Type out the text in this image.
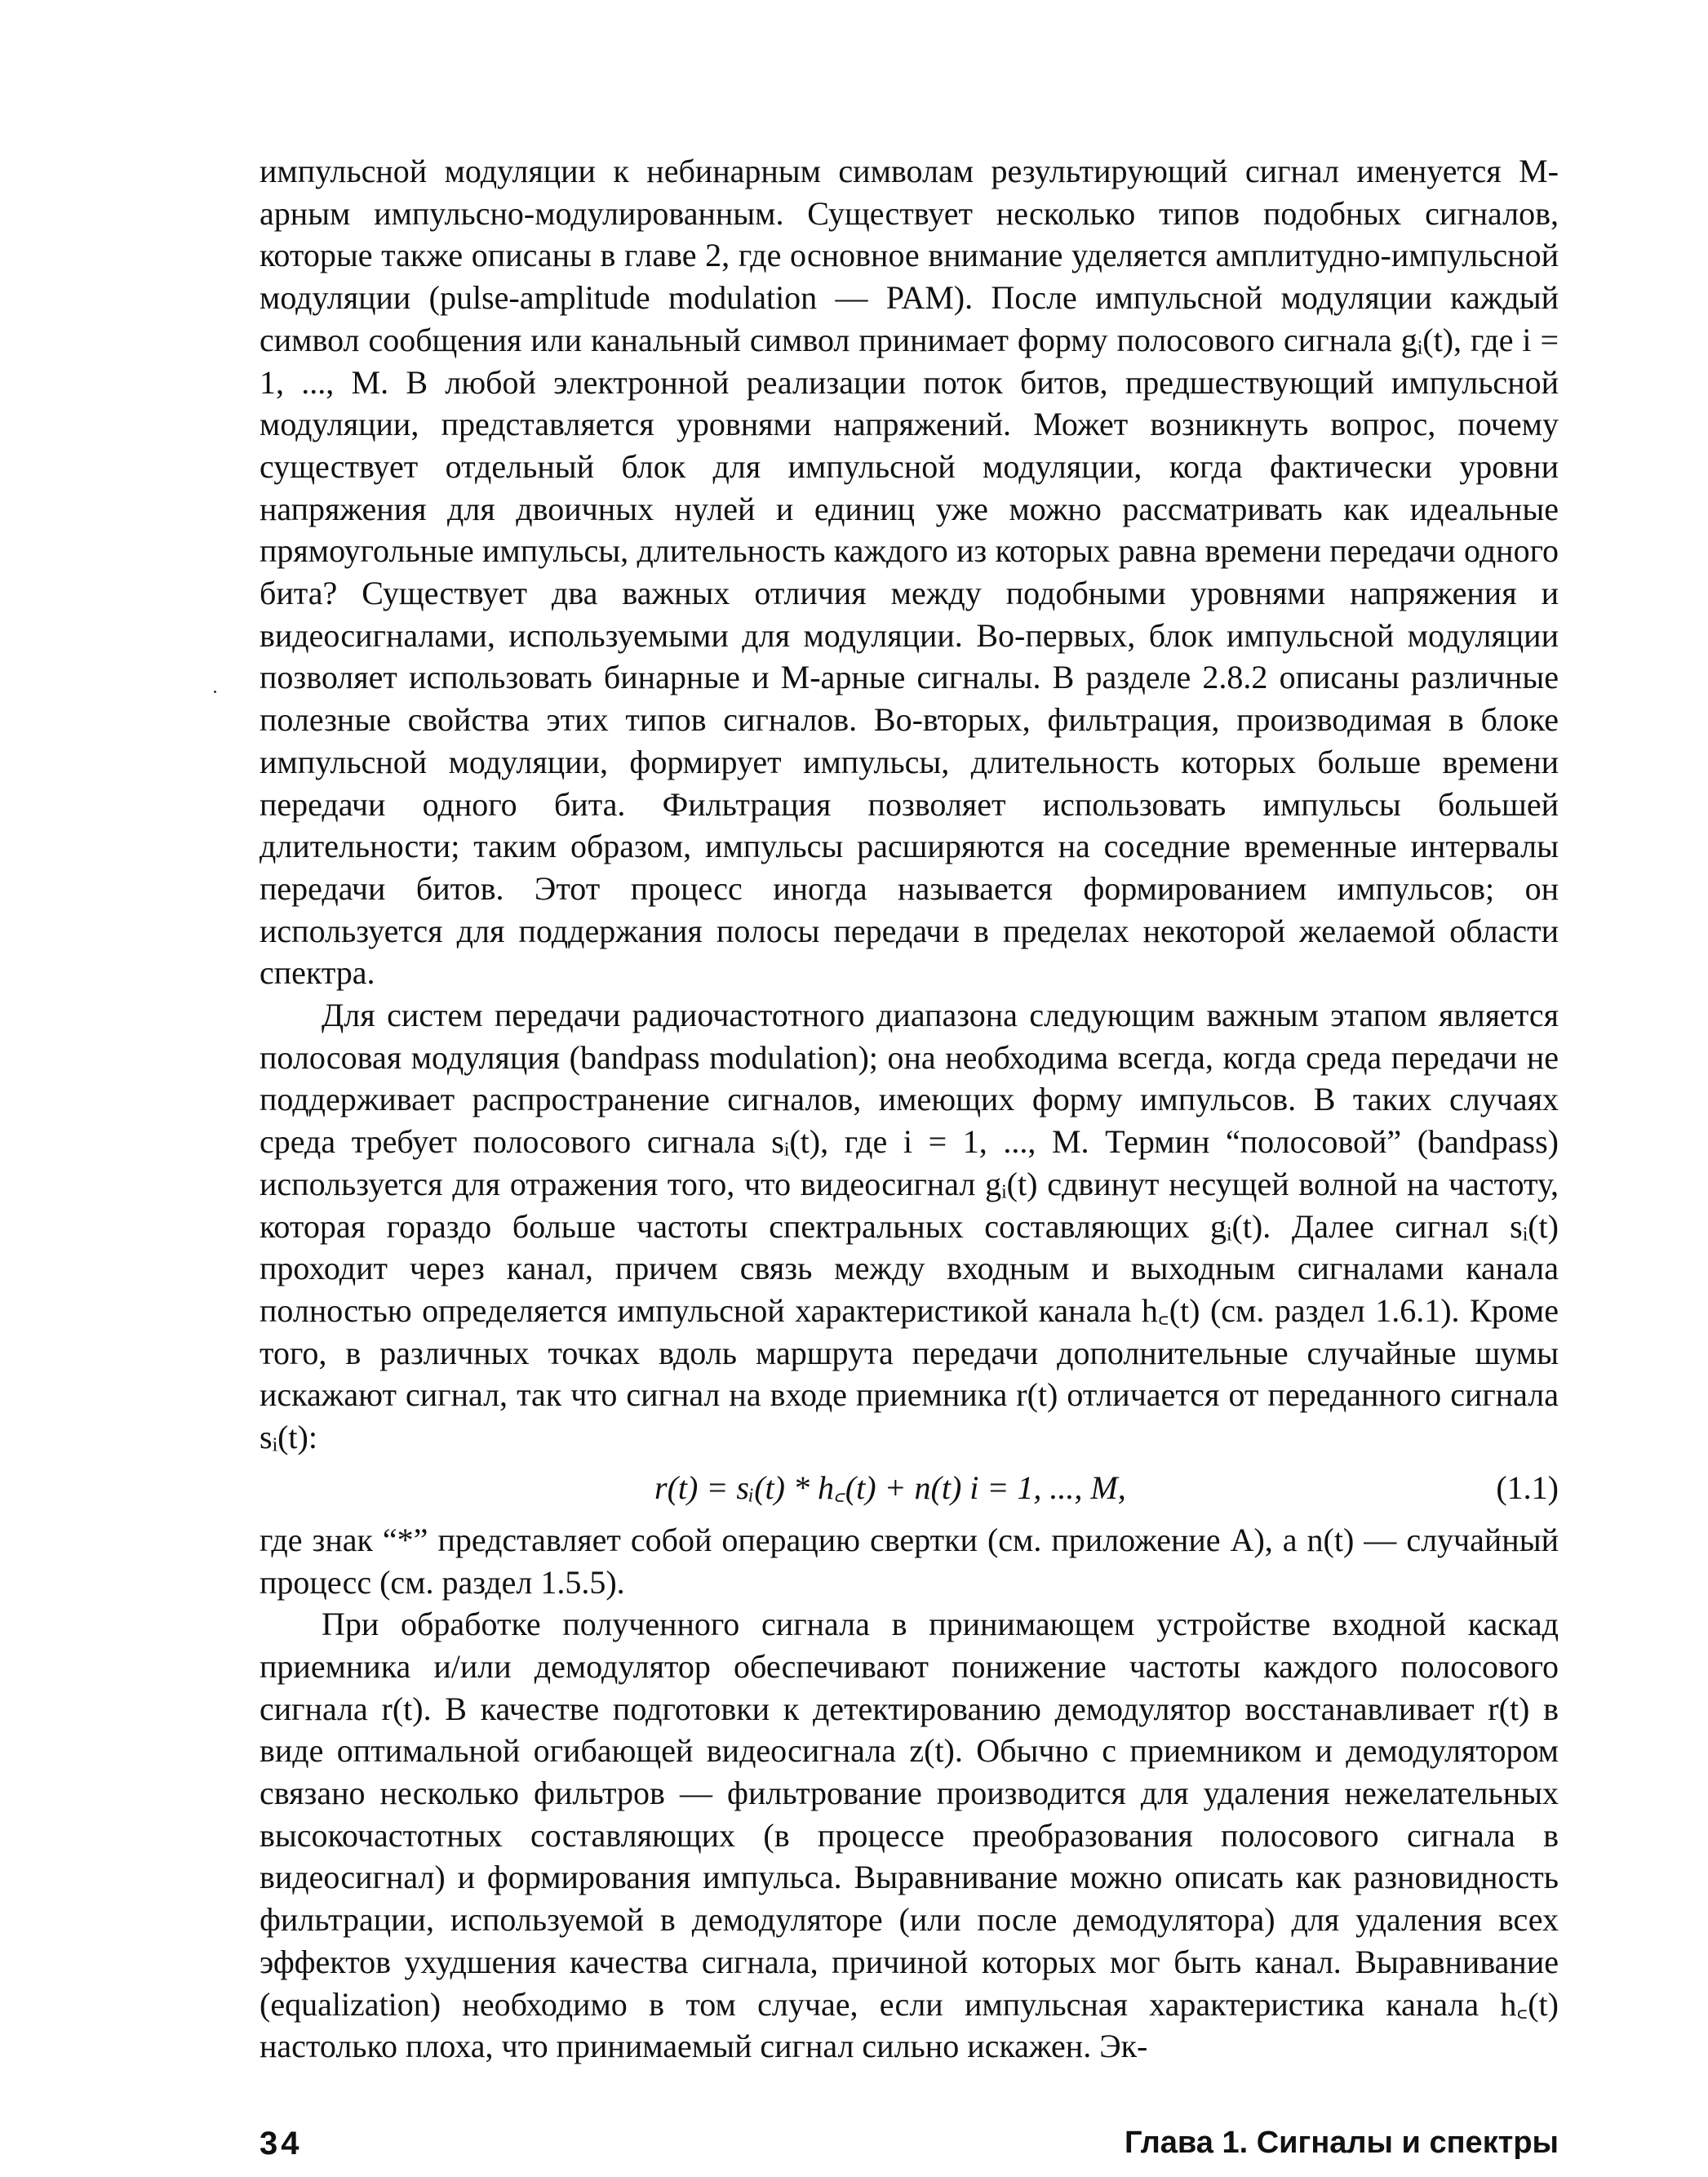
импульсной модуляции к небинарным символам результирующий сигнал именуется М-арным импульсно-модулированным. Существует несколько типов подобных сигналов, которые также описаны в главе 2, где основное внимание уделяется амплитудно-импульсной модуляции (pulse-amplitude modulation — PAM). После импульсной модуляции каждый символ сообщения или канальный символ принимает форму полосового сигнала gᵢ(t), где i = 1, ..., M. В любой электронной реализации поток битов, предшествующий импульсной модуляции, представляется уровнями напряжений. Может возникнуть вопрос, почему существует отдельный блок для импульсной модуляции, когда фактически уровни напряжения для двоичных нулей и единиц уже можно рассматривать как идеальные прямоугольные импульсы, длительность каждого из которых равна времени передачи одного бита? Существует два важных отличия между подобными уровнями напряжения и видеосигналами, используемыми для модуляции. Во-первых, блок импульсной модуляции позволяет использовать бинарные и М-арные сигналы. В разделе 2.8.2 описаны различные полезные свойства этих типов сигналов. Во-вторых, фильтрация, производимая в блоке импульсной модуляции, формирует импульсы, длительность которых больше времени передачи одного бита. Фильтрация позволяет использовать импульсы большей длительности; таким образом, импульсы расширяются на соседние временные интервалы передачи битов. Этот процесс иногда называется формированием импульсов; он используется для поддержания полосы передачи в пределах некоторой желаемой области спектра.

Для систем передачи радиочастотного диапазона следующим важным этапом является полосовая модуляция (bandpass modulation); она необходима всегда, когда среда передачи не поддерживает распространение сигналов, имеющих форму импульсов. В таких случаях среда требует полосового сигнала sᵢ(t), где i = 1, ..., M. Термин “полосовой” (bandpass) используется для отражения того, что видеосигнал gᵢ(t) сдвинут несущей волной на частоту, которая гораздо больше частоты спектральных составляющих gᵢ(t). Далее сигнал sᵢ(t) проходит через канал, причем связь между входным и выходным сигналами канала полностью определяется импульсной характеристикой канала h꜀(t) (см. раздел 1.6.1). Кроме того, в различных точках вдоль маршрута передачи дополнительные случайные шумы искажают сигнал, так что сигнал на входе приемника r(t) отличается от переданного сигнала sᵢ(t):

r(t) = sᵢ(t) * h꜀(t) + n(t) i = 1, ..., M,	(1.1)

где знак “*” представляет собой операцию свертки (см. приложение А), а n(t) — случайный процесс (см. раздел 1.5.5).

При обработке полученного сигнала в принимающем устройстве входной каскад приемника и/или демодулятор обеспечивают понижение частоты каждого полосового сигнала r(t). В качестве подготовки к детектированию демодулятор восстанавливает r(t) в виде оптимальной огибающей видеосигнала z(t). Обычно с приемником и демодулятором связано несколько фильтров — фильтрование производится для удаления нежелательных высокочастотных составляющих (в процессе преобразования полосового сигнала в видеосигнал) и формирования импульса. Выравнивание можно описать как разновидность фильтрации, используемой в демодуляторе (или после демодулятора) для удаления всех эффектов ухудшения качества сигнала, причиной которых мог быть канал. Выравнивание (equalization) необходимо в том случае, если импульсная характеристика канала h꜀(t) настолько плоха, что принимаемый сигнал сильно искажен. Эк-

34	Глава 1. Сигналы и спектры
